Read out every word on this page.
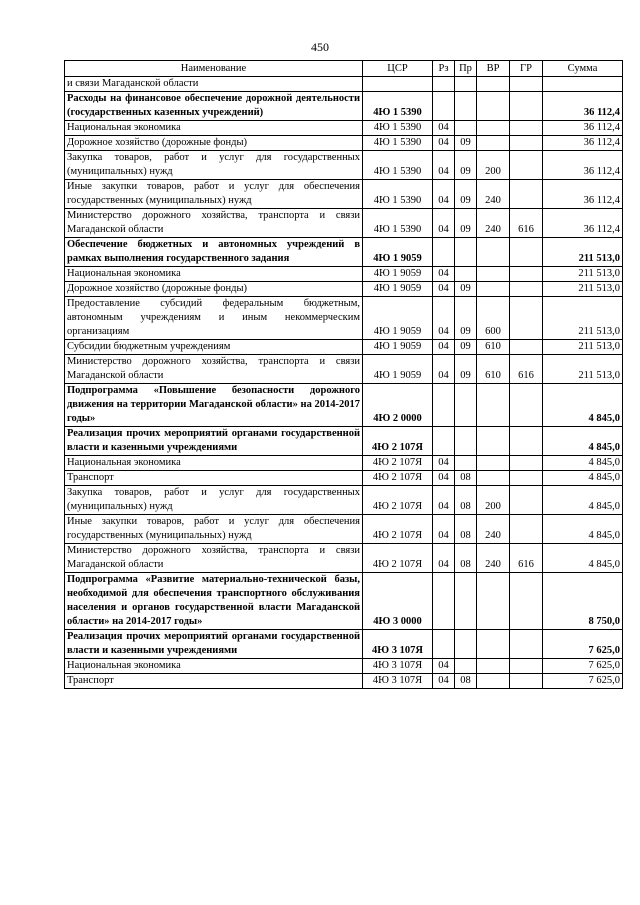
450
Наименование	ЦСР	Рз	Пр	ВР	ГР	Сумма
и связи Магаданской области						
Расходы на финансовое обеспечение дорожной деятельности (государственных казенных учреждений)	4Ю 1 5390					36 112,4
Национальная экономика	4Ю 1 5390	04				36 112,4
Дорожное хозяйство (дорожные фонды)	4Ю 1 5390	04	09			36 112,4
Закупка товаров, работ и услуг для государственных (муниципальных) нужд	4Ю 1 5390	04	09	200		36 112,4
Иные закупки товаров, работ и услуг для обеспечения государственных (муниципальных) нужд	4Ю 1 5390	04	09	240		36 112,4
Министерство дорожного хозяйства, транспорта и связи Магаданской области	4Ю 1 5390	04	09	240	616	36 112,4
Обеспечение бюджетных и автономных учреждений в рамках выполнения государственного задания	4Ю 1 9059					211 513,0
Национальная экономика	4Ю 1 9059	04				211 513,0
Дорожное хозяйство (дорожные фонды)	4Ю 1 9059	04	09			211 513,0
Предоставление субсидий федеральным бюджетным, автономным учреждениям и иным некоммерческим организациям	4Ю 1 9059	04	09	600		211 513,0
Субсидии бюджетным учреждениям	4Ю 1 9059	04	09	610		211 513,0
Министерство дорожного хозяйства, транспорта и связи Магаданской области	4Ю 1 9059	04	09	610	616	211 513,0
Подпрограмма «Повышение безопасности дорожного движения на территории Магаданской области» на 2014-2017 годы»	4Ю 2 0000					4 845,0
Реализация прочих мероприятий органами государственной власти и казенными учреждениями	4Ю 2 107Я					4 845,0
Национальная экономика	4Ю 2 107Я	04				4 845,0
Транспорт	4Ю 2 107Я	04	08			4 845,0
Закупка товаров, работ и услуг для государственных (муниципальных) нужд	4Ю 2 107Я	04	08	200		4 845,0
Иные закупки товаров, работ и услуг для обеспечения государственных (муниципальных) нужд	4Ю 2 107Я	04	08	240		4 845,0
Министерство дорожного хозяйства, транспорта и связи Магаданской области	4Ю 2 107Я	04	08	240	616	4 845,0
Подпрограмма «Развитие материально-технической базы, необходимой для обеспечения транспортного обслуживания населения и органов государственной власти Магаданской области» на 2014-2017 годы»	4Ю 3 0000					8 750,0
Реализация прочих мероприятий органами государственной власти и казенными учреждениями	4Ю 3 107Я					7 625,0
Национальная экономика	4Ю 3 107Я	04				7 625,0
Транспорт	4Ю 3 107Я	04	08			7 625,0
